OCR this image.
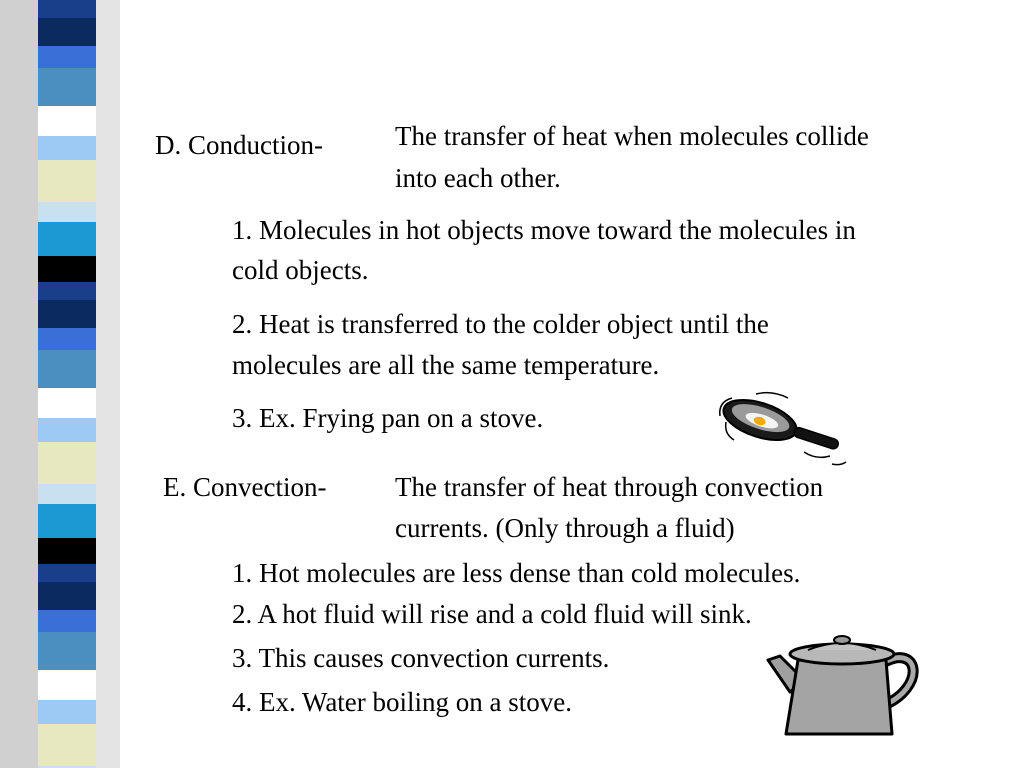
D. Conduction-	The transfer of heat when molecules collide

into each other.

1. Molecules in hot objects move toward the molecules in

cold objects.

2. Heat is transferred to the colder object until the

molecules are all the same temperature.

3. Ex. Frying pan on a stove.

E. Convection-	The transfer of heat through convection

currents. (Only through a fluid)

1. Hot molecules are less dense than cold molecules.

2. A hot fluid will rise and a cold fluid will sink.

3. This causes convection currents.

4. Ex. Water boiling on a stove.
